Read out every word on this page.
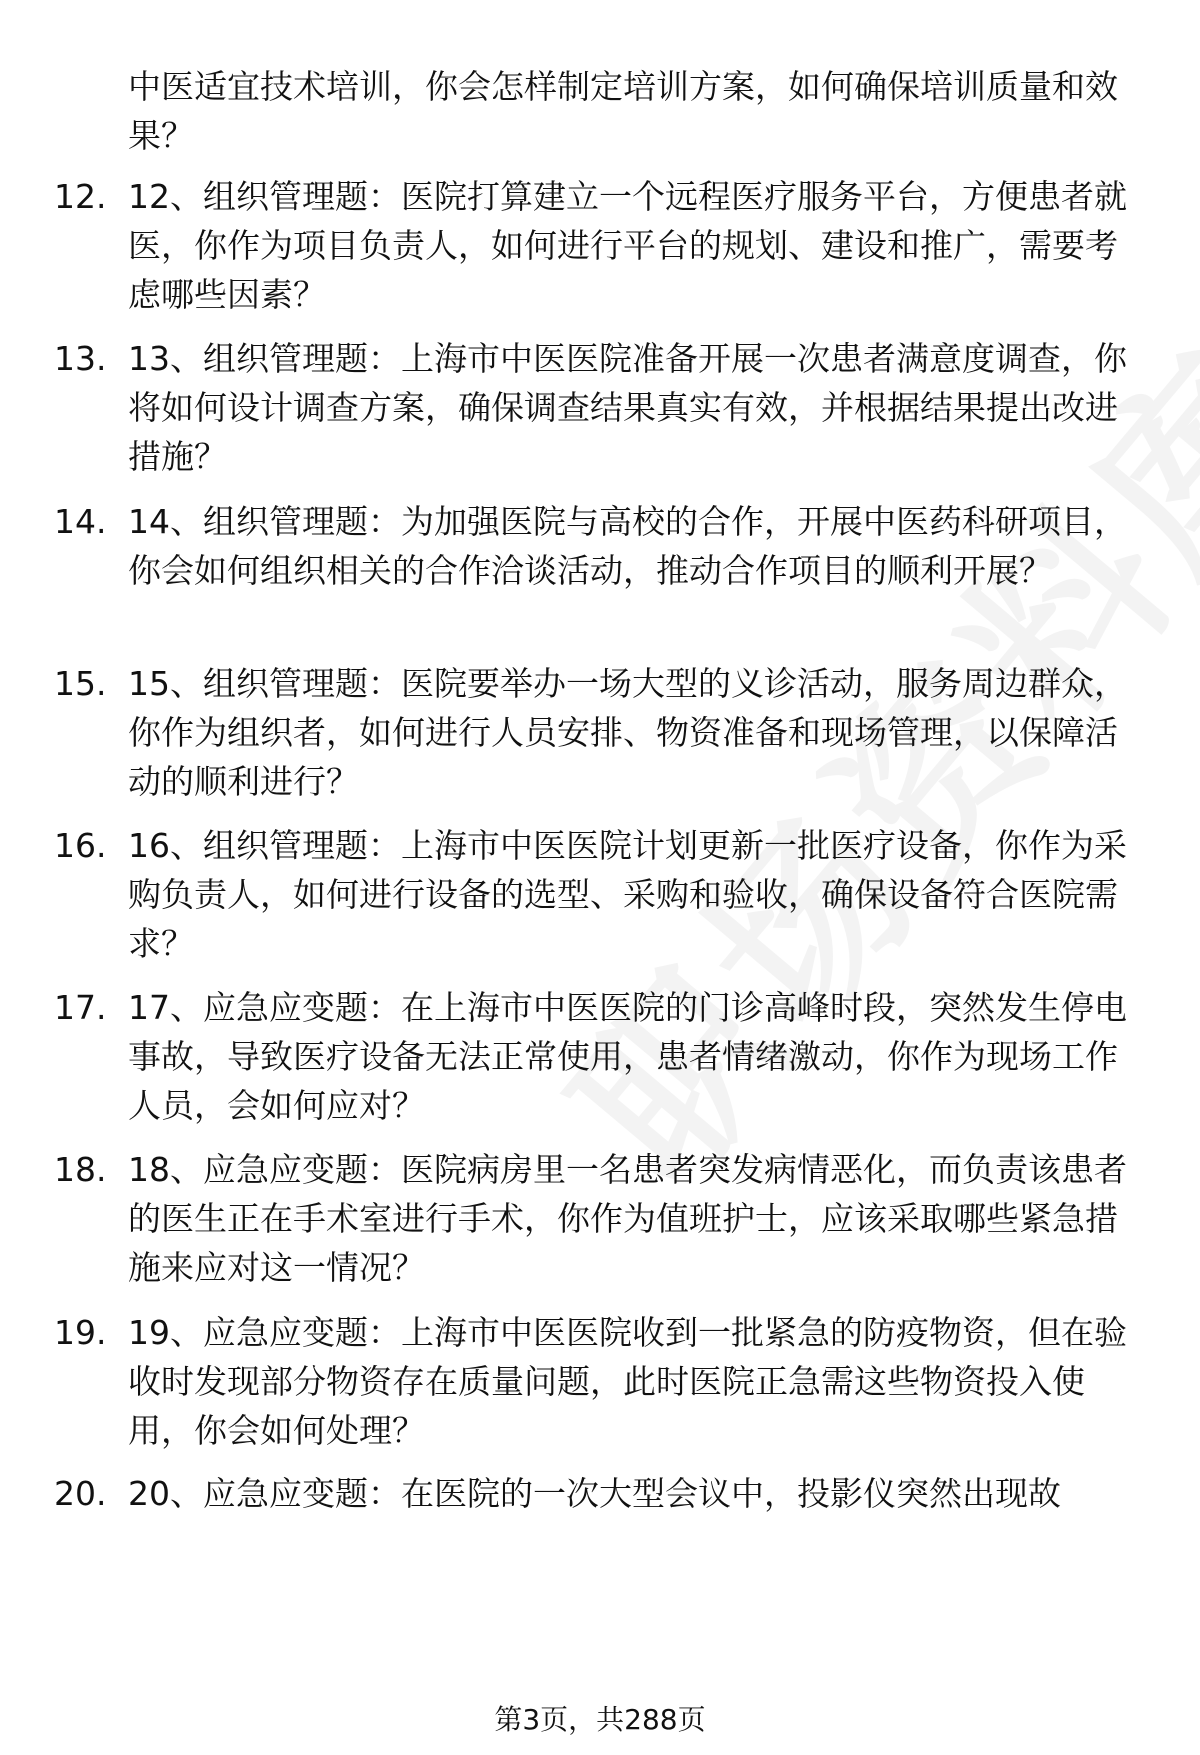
中医适宜技术培训，你会怎样制定培训方案，如何确保培训质量和效果？
12. 12、组织管理题：医院打算建立一个远程医疗服务平台，方便患者就医，你作为项目负责人，如何进行平台的规划、建设和推广，需要考虑哪些因素？
13. 13、组织管理题：上海市中医医院准备开展一次患者满意度调查，你将如何设计调查方案，确保调查结果真实有效，并根据结果提出改进措施？
14. 14、组织管理题：为加强医院与高校的合作，开展中医药科研项目，你会如何组织相关的合作洽谈活动，推动合作项目的顺利开展？
15. 15、组织管理题：医院要举办一场大型的义诊活动，服务周边群众，你作为组织者，如何进行人员安排、物资准备和现场管理，以保障活动的顺利进行？
16. 16、组织管理题：上海市中医医院计划更新一批医疗设备，你作为采购负责人，如何进行设备的选型、采购和验收，确保设备符合医院需求？
17. 17、应急应变题：在上海市中医医院的门诊高峰时段，突然发生停电事故，导致医疗设备无法正常使用，患者情绪激动，你作为现场工作人员，会如何应对？
18. 18、应急应变题：医院病房里一名患者突发病情恶化，而负责该患者的医生正在手术室进行手术，你作为值班护士，应该采取哪些紧急措施来应对这一情况？
19. 19、应急应变题：上海市中医医院收到一批紧急的防疫物资，但在验收时发现部分物资存在质量问题，此时医院正急需这些物资投入使用，你会如何处理？
20. 20、应急应变题：在医院的一次大型会议中，投影仪突然出现故
第3页，共288页
